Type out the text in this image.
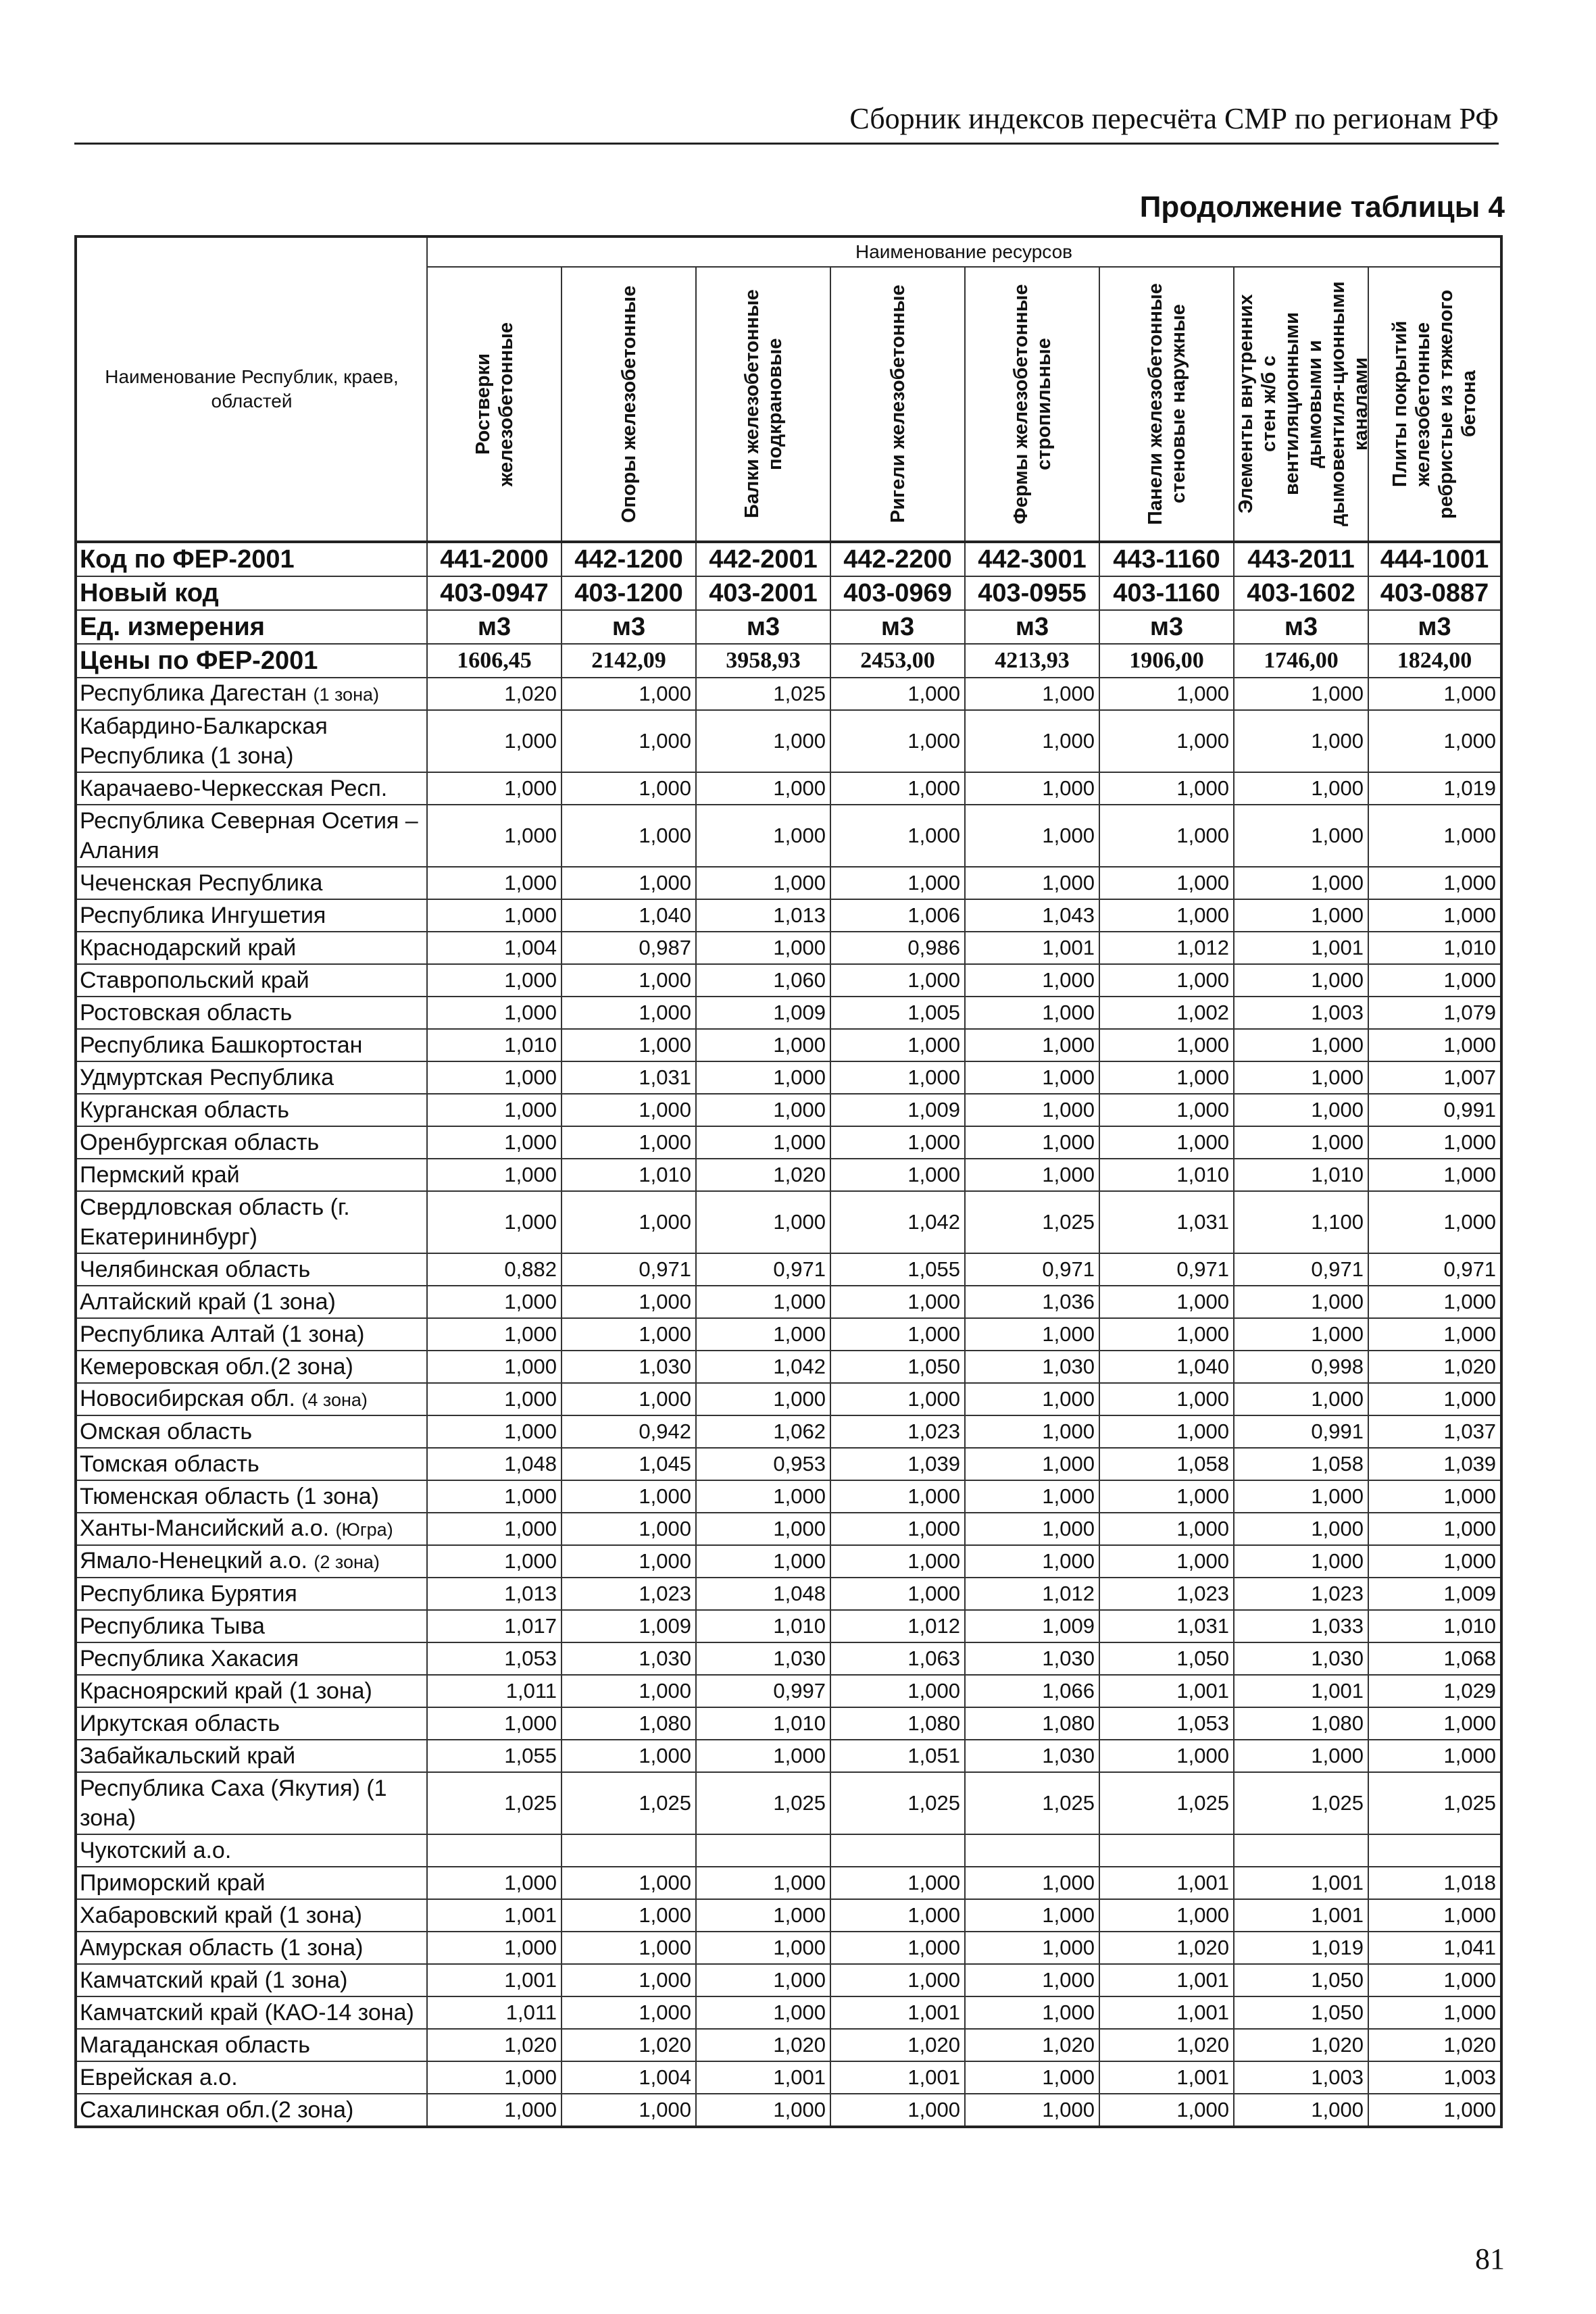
Сборник индексов пересчёта СМР по регионам РФ
Продолжение таблицы 4
Наименование Республик, краев, областей	Наименование ресурсов							

Ростверки железобетонные	Опоры железобетонные	Балки железобетонные подкрановые	Ригели железобетонные	Фермы железобетонные стропильные	Панели железобетонные стеновые наружные	Элементы внутренних стен ж/б с вентиляционными дымовыми и дымовентиля-ционными каналами	Плиты покрытий железобетонные ребристые из тяжелого бетона

Код по ФЕР-2001	441-2000	442-1200	442-2001	442-2200	442-3001	443-1160	443-2011	444-1001
Новый код	403-0947	403-1200	403-2001	403-0969	403-0955	403-1160	403-1602	403-0887
Ед. измерения	м3	м3	м3	м3	м3	м3	м3	м3
Цены по ФЕР-2001	1606,45	2142,09	3958,93	2453,00	4213,93	1906,00	1746,00	1824,00
Республика Дагестан (1 зона)	1,020	1,000	1,025	1,000	1,000	1,000	1,000	1,000
Кабардино-Балкарская Республика (1 зона)	1,000	1,000	1,000	1,000	1,000	1,000	1,000	1,000
Карачаево-Черкесская Респ.	1,000	1,000	1,000	1,000	1,000	1,000	1,000	1,019
Республика Северная Осетия – Алания	1,000	1,000	1,000	1,000	1,000	1,000	1,000	1,000
Чеченская Республика	1,000	1,000	1,000	1,000	1,000	1,000	1,000	1,000
Республика Ингушетия	1,000	1,040	1,013	1,006	1,043	1,000	1,000	1,000
Краснодарский край	1,004	0,987	1,000	0,986	1,001	1,012	1,001	1,010
Ставропольский край	1,000	1,000	1,060	1,000	1,000	1,000	1,000	1,000
Ростовская область	1,000	1,000	1,009	1,005	1,000	1,002	1,003	1,079
Республика Башкортостан	1,010	1,000	1,000	1,000	1,000	1,000	1,000	1,000
Удмуртская Республика	1,000	1,031	1,000	1,000	1,000	1,000	1,000	1,007
Курганская область	1,000	1,000	1,000	1,009	1,000	1,000	1,000	0,991
Оренбургская область	1,000	1,000	1,000	1,000	1,000	1,000	1,000	1,000
Пермский край	1,000	1,010	1,020	1,000	1,000	1,010	1,010	1,000
Свердловская область (г. Екатерининбург)	1,000	1,000	1,000	1,042	1,025	1,031	1,100	1,000
Челябинская область	0,882	0,971	0,971	1,055	0,971	0,971	0,971	0,971
Алтайский край (1 зона)	1,000	1,000	1,000	1,000	1,036	1,000	1,000	1,000
Республика Алтай (1 зона)	1,000	1,000	1,000	1,000	1,000	1,000	1,000	1,000
Кемеровская обл.(2 зона)	1,000	1,030	1,042	1,050	1,030	1,040	0,998	1,020
Новосибирская обл. (4 зона)	1,000	1,000	1,000	1,000	1,000	1,000	1,000	1,000
Омская область	1,000	0,942	1,062	1,023	1,000	1,000	0,991	1,037
Томская область	1,048	1,045	0,953	1,039	1,000	1,058	1,058	1,039
Тюменская область (1 зона)	1,000	1,000	1,000	1,000	1,000	1,000	1,000	1,000
Ханты-Мансийский а.о. (Югра)	1,000	1,000	1,000	1,000	1,000	1,000	1,000	1,000
Ямало-Ненецкий а.о. (2 зона)	1,000	1,000	1,000	1,000	1,000	1,000	1,000	1,000
Республика Бурятия	1,013	1,023	1,048	1,000	1,012	1,023	1,023	1,009
Республика Тыва	1,017	1,009	1,010	1,012	1,009	1,031	1,033	1,010
Республика Хакасия	1,053	1,030	1,030	1,063	1,030	1,050	1,030	1,068
Красноярский край (1 зона)	1,011	1,000	0,997	1,000	1,066	1,001	1,001	1,029
Иркутская область	1,000	1,080	1,010	1,080	1,080	1,053	1,080	1,000
Забайкальский край	1,055	1,000	1,000	1,051	1,030	1,000	1,000	1,000
Республика Саха (Якутия) (1 зона)	1,025	1,025	1,025	1,025	1,025	1,025	1,025	1,025
Чукотский а.о.								
Приморский край	1,000	1,000	1,000	1,000	1,000	1,001	1,001	1,018
Хабаровский край (1 зона)	1,001	1,000	1,000	1,000	1,000	1,000	1,001	1,000
Амурская область (1 зона)	1,000	1,000	1,000	1,000	1,000	1,020	1,019	1,041
Камчатский край (1 зона)	1,001	1,000	1,000	1,000	1,000	1,001	1,050	1,000
Камчатский край (КАО-14 зона)	1,011	1,000	1,000	1,001	1,000	1,001	1,050	1,000
Магаданская область	1,020	1,020	1,020	1,020	1,020	1,020	1,020	1,020
Еврейская а.о.	1,000	1,004	1,001	1,001	1,000	1,001	1,003	1,003
Сахалинская обл.(2 зона)	1,000	1,000	1,000	1,000	1,000	1,000	1,000	1,000
81
